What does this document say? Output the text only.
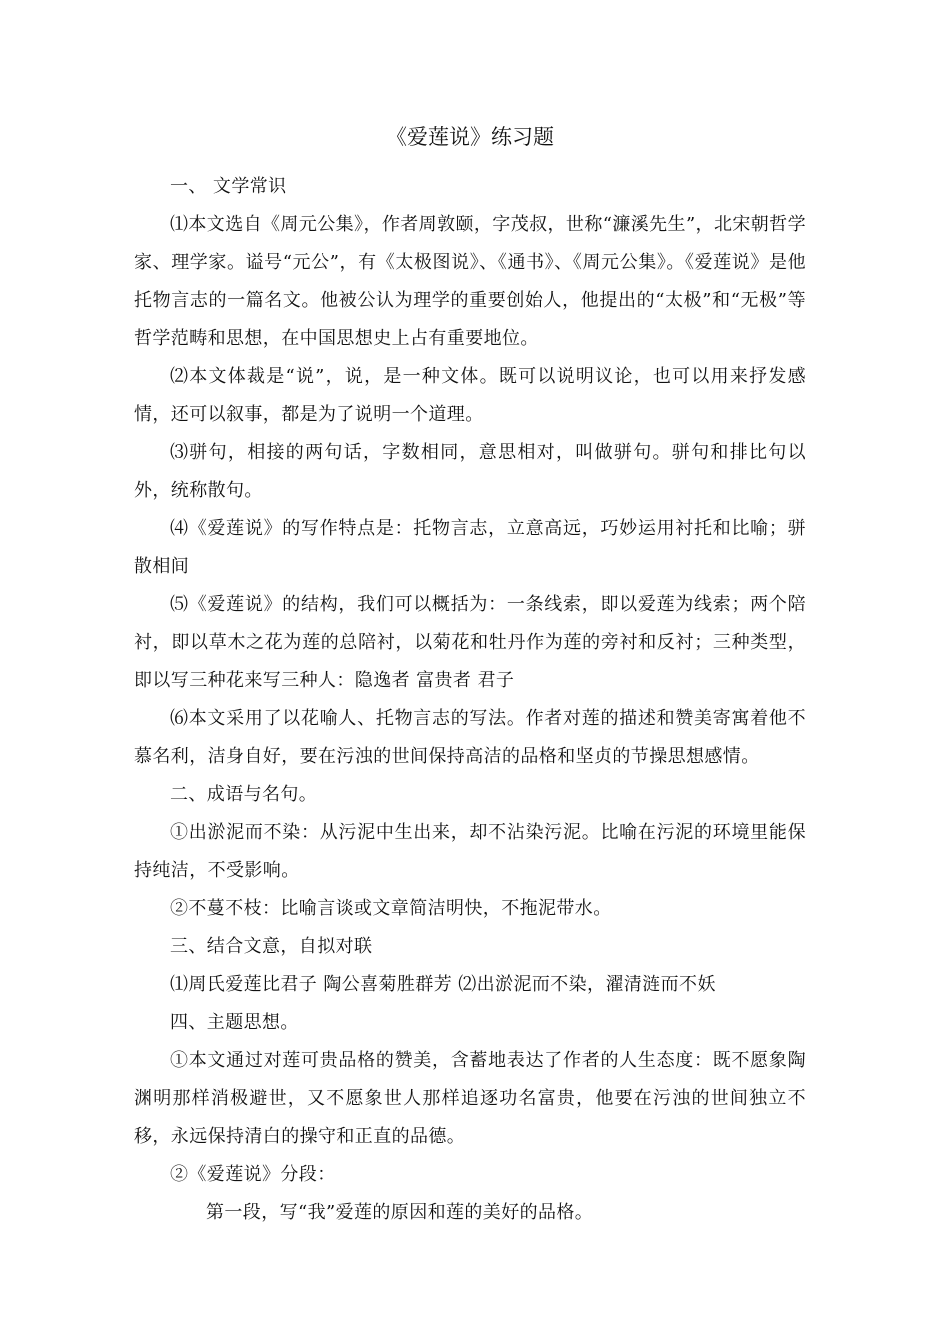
《爱莲说》练习题

一、 文学常识

⑴本文选自《周元公集》，作者周敦颐，字茂叔，世称“濂溪先生”，北宋朝哲学家、理学家。谥号“元公”，有《太极图说》、《通书》、《周元公集》。《爱莲说》是他托物言志的一篇名文。他被公认为理学的重要创始人，他提出的“太极”和“无极”等哲学范畴和思想，在中国思想史上占有重要地位。

⑵本文体裁是“说”，说，是一种文体。既可以说明议论，也可以用来抒发感情，还可以叙事，都是为了说明一个道理。

⑶骈句，相接的两句话，字数相同，意思相对，叫做骈句。骈句和排比句以外，统称散句。

⑷《爱莲说》的写作特点是：托物言志，立意高远，巧妙运用衬托和比喻；骈散相间

⑸《爱莲说》的结构，我们可以概括为：一条线索，即以爱莲为线索；两个陪衬，即以草木之花为莲的总陪衬，以菊花和牡丹作为莲的旁衬和反衬；三种类型，即以写三种花来写三种人：隐逸者 富贵者 君子

⑹本文采用了以花喻人、托物言志的写法。作者对莲的描述和赞美寄寓着他不慕名利，洁身自好，要在污浊的世间保持高洁的品格和坚贞的节操思想感情。

二、成语与名句。

①出淤泥而不染：从污泥中生出来，却不沾染污泥。比喻在污泥的环境里能保持纯洁，不受影响。

②不蔓不枝：比喻言谈或文章简洁明快，不拖泥带水。

三、结合文意，自拟对联

⑴周氏爱莲比君子 陶公喜菊胜群芳 ⑵出淤泥而不染，濯清涟而不妖

四、主题思想。

①本文通过对莲可贵品格的赞美，含蓄地表达了作者的人生态度：既不愿象陶渊明那样消极避世，又不愿象世人那样追逐功名富贵，他要在污浊的世间独立不移，永远保持清白的操守和正直的品德。

②《爱莲说》分段：

第一段，写“我”爱莲的原因和莲的美好的品格。
